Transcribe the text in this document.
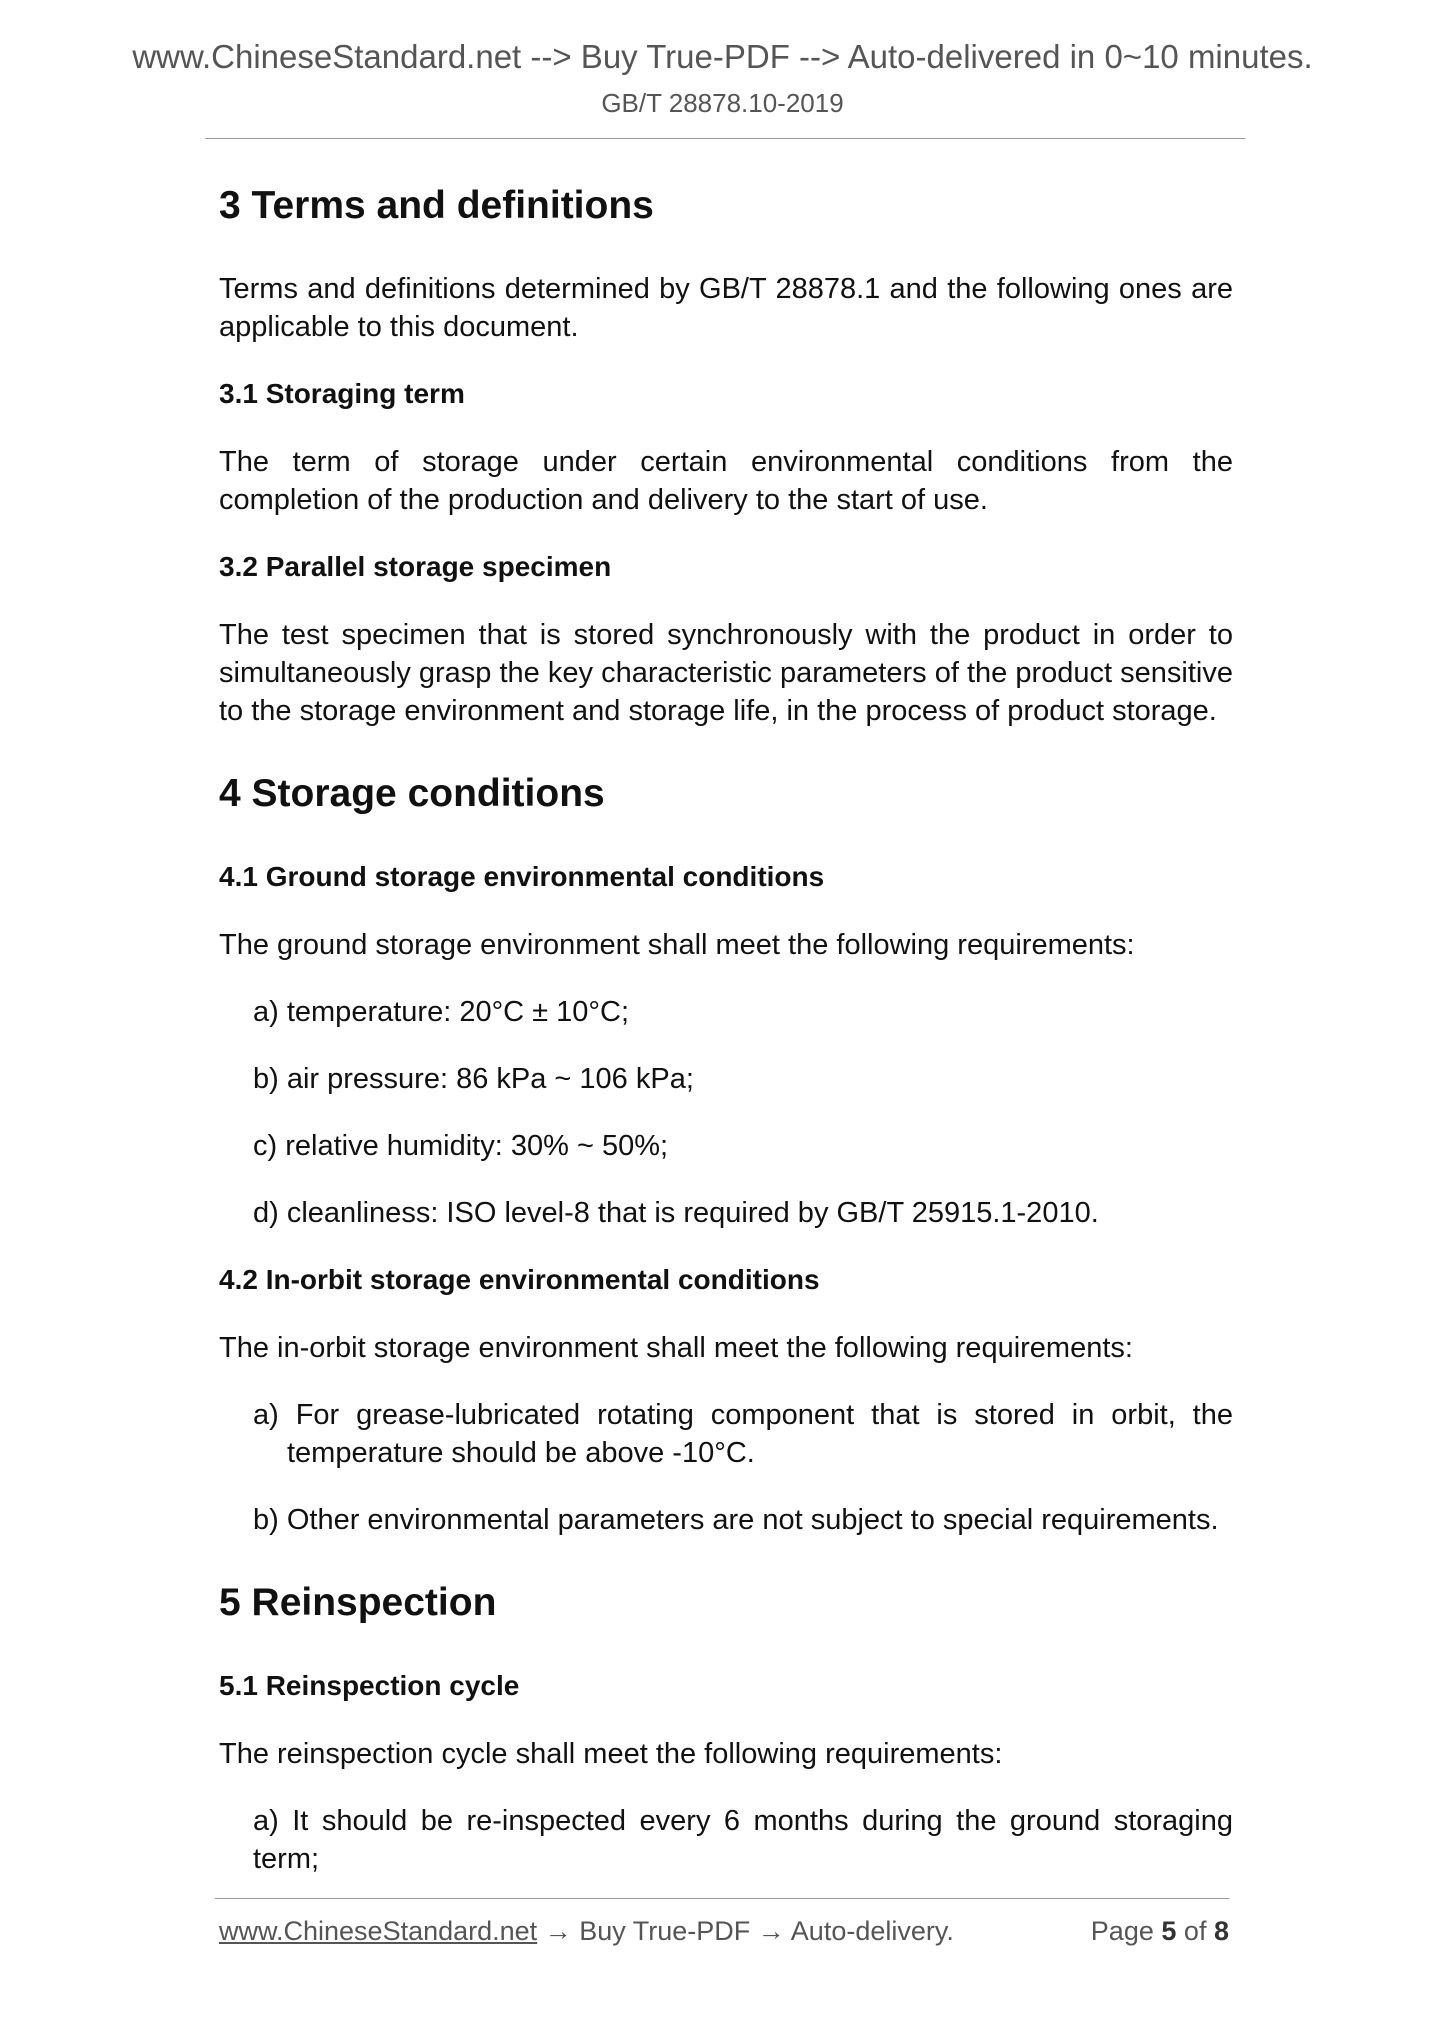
www.ChineseStandard.net --> Buy True-PDF --> Auto-delivered in 0~10 minutes.
GB/T 28878.10-2019

3 Terms and definitions

Terms and definitions determined by GB/T 28878.1 and the following ones are applicable to this document.

3.1 Storaging term

The term of storage under certain environmental conditions from the completion of the production and delivery to the start of use.

3.2 Parallel storage specimen

The test specimen that is stored synchronously with the product in order to simultaneously grasp the key characteristic parameters of the product sensitive to the storage environment and storage life, in the process of product storage.

4 Storage conditions

4.1 Ground storage environmental conditions

The ground storage environment shall meet the following requirements:

a) temperature: 20°C ± 10°C;

b) air pressure: 86 kPa ~ 106 kPa;

c) relative humidity: 30% ~ 50%;

d) cleanliness: ISO level-8 that is required by GB/T 25915.1-2010.

4.2 In-orbit storage environmental conditions

The in-orbit storage environment shall meet the following requirements:

a) For grease-lubricated rotating component that is stored in orbit, the temperature should be above -10°C.

b) Other environmental parameters are not subject to special requirements.

5 Reinspection

5.1 Reinspection cycle

The reinspection cycle shall meet the following requirements:

a) It should be re-inspected every 6 months during the ground storaging term;

www.ChineseStandard.net → Buy True-PDF → Auto-delivery.	Page 5 of 8
